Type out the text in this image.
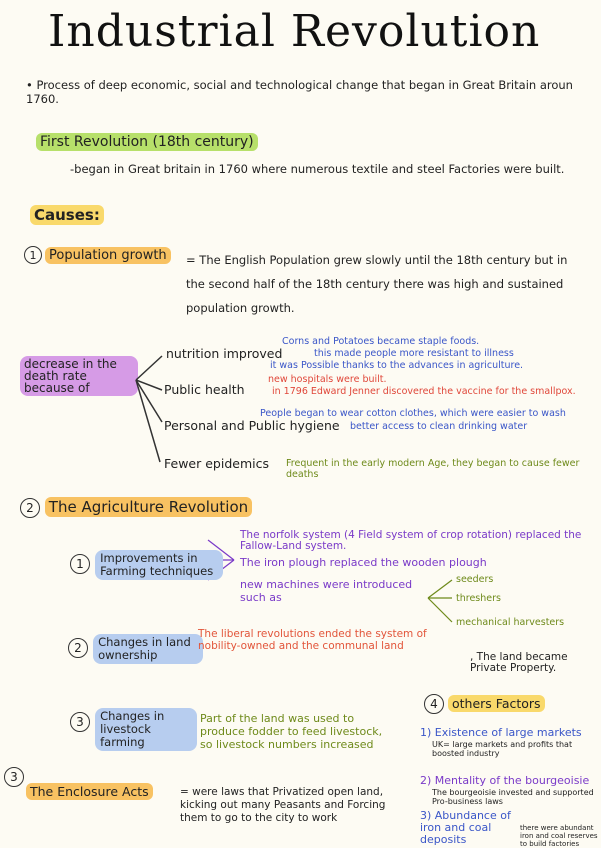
Industrial Revolution
• Process of deep economic, social and technological change that began in Great Britain aroun 1760.
First Revolution (18th century)
-began in Great britain in 1760 where numerous textile and steel Factories were built.
Causes:
1 Population growth	= The English Population grew slowly until the 18th century but in the second half of the 18th century there was high and sustained population growth.
decrease in the death rate because of
nutrition improved
Corns and Potatoes became staple foods.
this made people more resistant to illness
it was Possible thanks to the advances in agriculture.
Public health
new hospitals were built.
in 1796 Edward Jenner discovered the vaccine for the smallpox.
Personal and Public hygiene
People began to wear cotton clothes, which were easier to wash
better access to clean drinking water
Fewer epidemics Frequent in the early modern Age, they began to cause fewer deaths
2 The Agriculture Revolution
1 Improvements in Farming techniques
The norfolk system (4 Field system of crop rotation) replaced the Fallow-Land system.
The iron plough replaced the wooden plough
new machines were introduced such as
seeders
threshers
mechanical harvesters
2 Changes in land ownership
The liberal revolutions ended the system of nobility-owned and the communal land
, The land became Private Property.
3 Changes in livestock farming
Part of the land was used to produce fodder to feed livestock, so livestock numbers increased
3
The Enclosure Acts	= were laws that Privatized open land, kicking out many Peasants and Forcing them to go to the city to work
4 others Factors
1) Existence of large markets
UK= large markets and profits that boosted industry
2) Mentality of the bourgeoisie
The bourgeoisie invested and supported Pro-business laws
3) Abundance of iron and coal deposits
there were abundant iron and coal reserves to build factories
